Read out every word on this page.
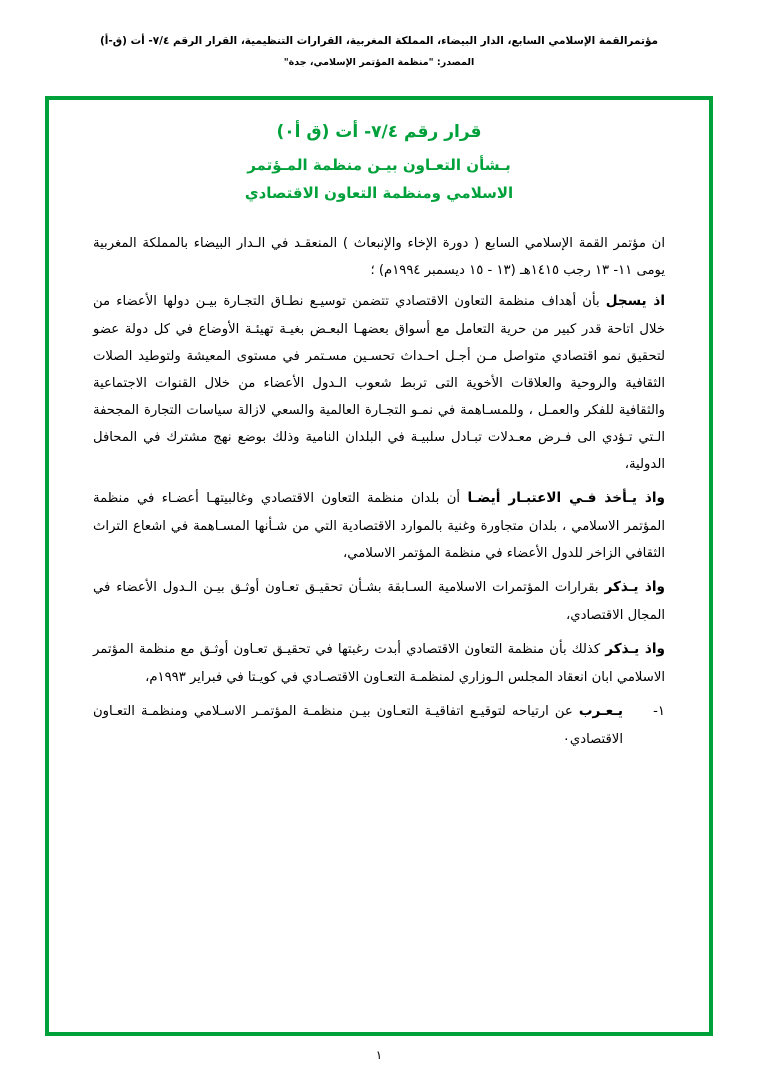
مؤتمرالقمة الإسلامي السابع، الدار البيضاء، المملكة المغربية، القرارات التنظيمية، القرار الرقم ٧/٤- أت (ق-أ)
المصدر: "منظمة المؤتمر الإسلامي، جدة"
قرار رقم ٧/٤- أت (ق أ٠)
بـشأن التعـاون بيـن منظمة المـؤتمر
الاسلامي ومنظمة التعاون الاقتصادي

ان مؤتمر القمة الإسلامي السابع ( دورة الإخاء والإنبعاث ) المنعقـد في الـدار البيضاء بالمملكة المغربية يومى ١١- ١٣ رجب ١٤١٥هـ (١٣ - ١٥ ديسمبر ١٩٩٤م) ؛

اذ يسجل بأن أهداف منظمة التعاون الاقتصادي تتضمن توسيـع نطـاق التجـارة بيـن دولها الأعضاء من خلال اتاحة قدر كبير من حرية التعامل مع أسواق بعضهـا البعـض بغيـة تهيئـة الأوضاع في كل دولة عضو لتحقيق نمو اقتصادي متواصل مـن أجـل احـداث تحسـين مسـتمر في مستوى المعيشة ولتوطيد الصلات الثقافية والروحية والعلاقات الأخوية التى تربط شعوب الـدول الأعضاء من خلال القنوات الاجتماعية والثقافية للفكر والعمـل ، وللمسـاهمة في نمـو التجـارة العالمية والسعي لازالة سياسات التجارة المجحفة الـتي تـؤدي الى فـرض معـدلات تبـادل سلبيـة في البلدان النامية وذلك بوضع نهج مشترك في المحافل الدولية،

واذ يـأخذ فـي الاعتبـار أيضـا أن بلدان منظمة التعاون الاقتصادي وغالبيتهـا أعضـاء في منظمة المؤتمر الاسلامي ، بلدان متجاورة وغنية بالموارد الاقتصادية التي من شـأنها المسـاهمة في اشعاع التراث الثقافي الزاخر للدول الأعضاء في منظمة المؤتمر الاسلامي،

واذ يـذكر بقرارات المؤتمرات الاسلامية السـابقة بشـأن تحقيـق تعـاون أوثـق بيـن الـدول الأعضاء في المجال الاقتصادي،

واذ يـذكر كذلك بأن منظمة التعاون الاقتصادي أبدت رغبتها في تحقيـق تعـاون أوثـق مع منظمة المؤتمر الاسلامي ابان انعقاد المجلس الـوزاري لمنظمـة التعـاون الاقتصـادي في كويـتا في فبراير ١٩٩٣م،

١-
يـعـرب عن ارتياحه لتوقيـع اتفاقيـة التعـاون بيـن منظمـة المؤتمـر الاسـلامي ومنظمـة التعـاون الاقتصادي٠
١
